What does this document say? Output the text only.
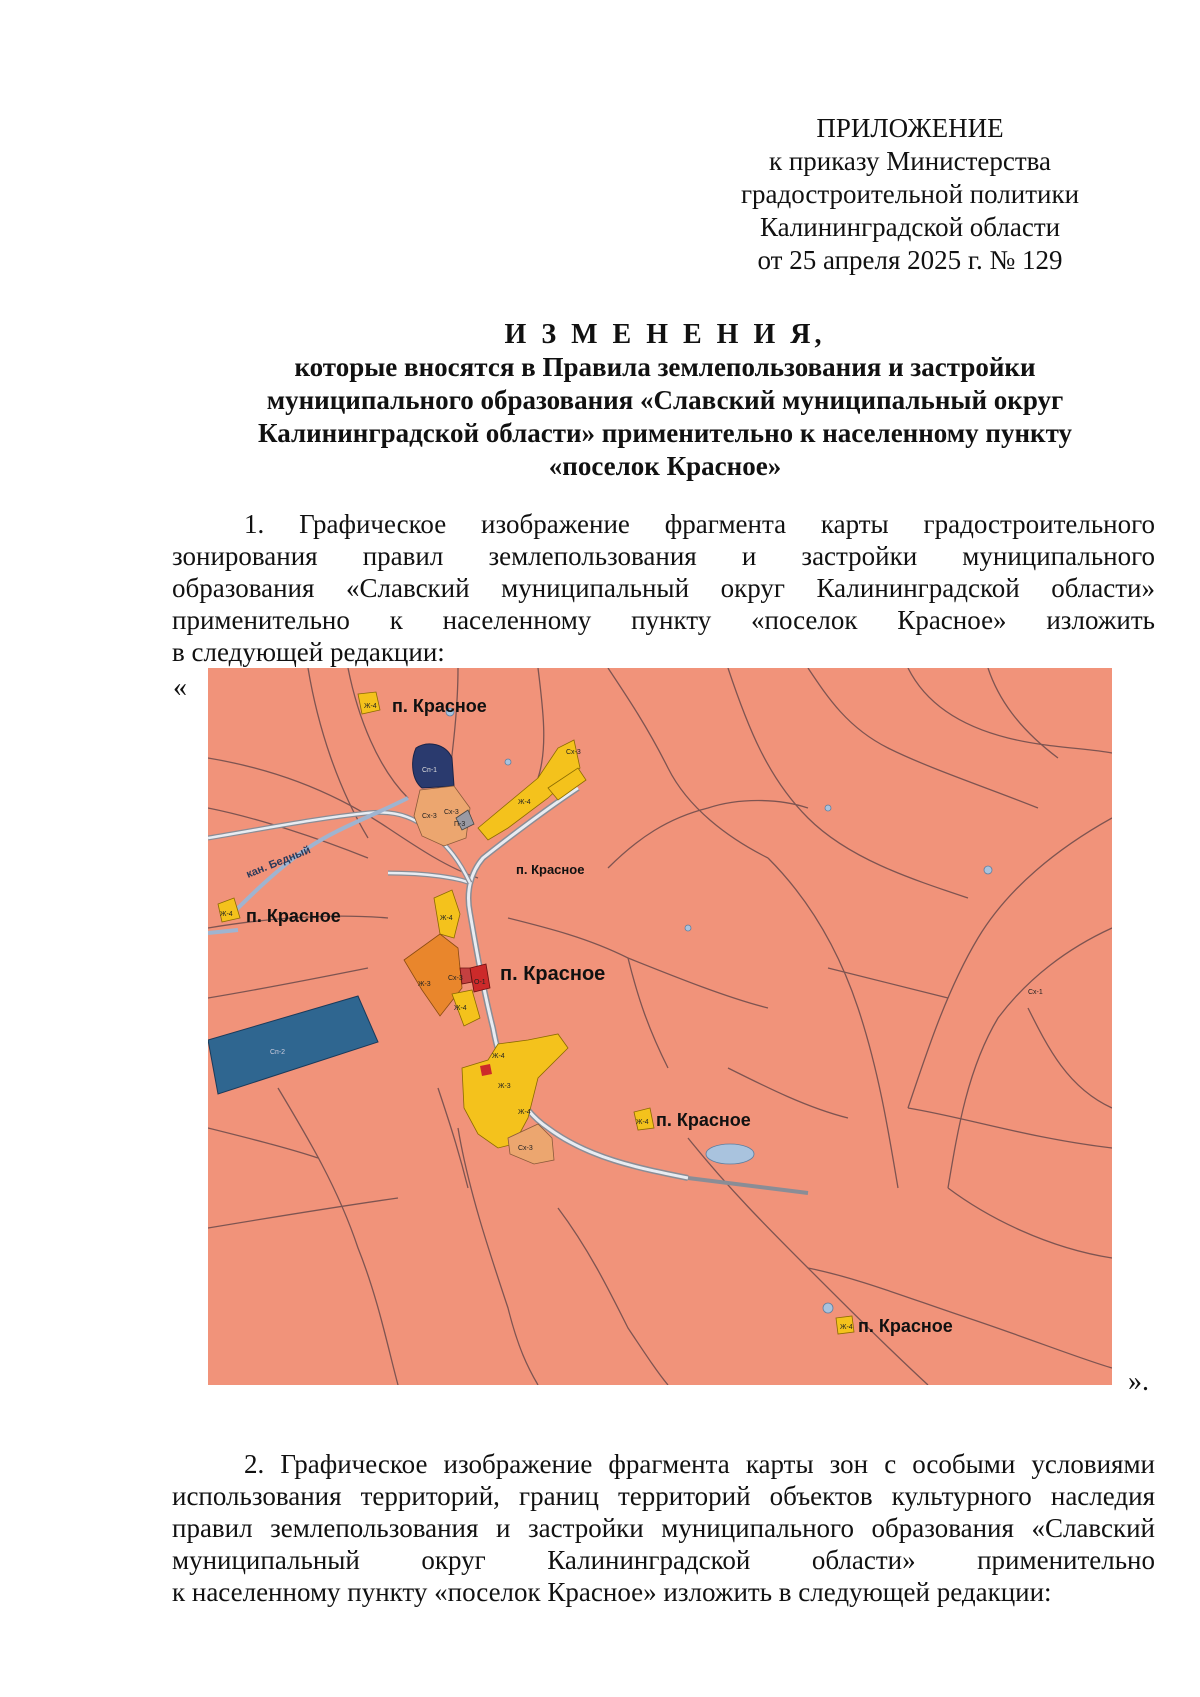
ПРИЛОЖЕНИЕ
к приказу Министерства
градостроительной политики
Калининградской области
от 25 апреля 2025 г. № 129
И З М Е Н Е Н И Я,
которые вносятся в Правила землепользования и застройки
муниципального образования «Славский муниципальный округ
Калининградской области» применительно к населенному пункту
«поселок Красное»
1. Графическое изображение фрагмента карты градостроительного
зонирования правил землепользования и застройки муниципального
образования «Славский муниципальный округ Калининградской области»
применительно к населенному пункту «поселок Красное» изложить
в следующей редакции:
«
Ж-4
Ж-4
Сп-1
Сх-3
Сх-3
П-3
Ж-4
Сх-3
Ж-4
Ж-3
Сх-3
О-1
Ж-4
Ж-4
Ж-3
Ж-4
Сх-3
Ж-4
Ж-4
Сп-2
Сх-1
кан. Бедный
п. Красное
п. Красное
п. Красное
п. Красное
п. Красное
п. Красное
».
2. Графическое изображение фрагмента карты зон с особыми условиями
использования территорий, границ территорий объектов культурного наследия
правил землепользования и застройки муниципального образования «Славский
муниципальный округ Калининградской области» применительно
к населенному пункту «поселок Красное» изложить в следующей редакции:
